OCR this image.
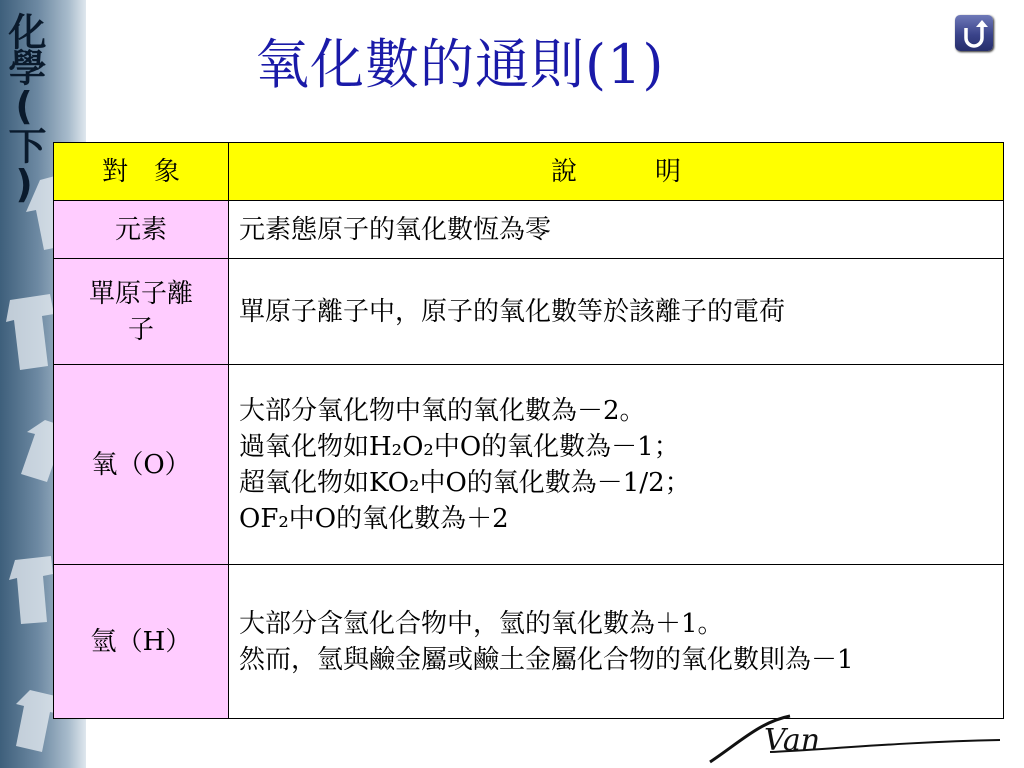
化學(下)	氧化數的通則(1)
對　象	說　　　明
元素	元素態原子的氧化數恆為零
單原子離子	單原子離子中，原子的氧化數等於該離子的電荷
氧（O）	大部分氧化物中氧的氧化數為－2。
過氧化物如H₂O₂中O的氧化數為－1；
超氧化物如KO₂中O的氧化數為－1/2；
OF₂中O的氧化數為＋2

氫（H）	大部分含氫化合物中，氫的氧化數為＋1。
然而，氫與鹼金屬或鹼土金屬化合物的氧化數則為－1
Van
